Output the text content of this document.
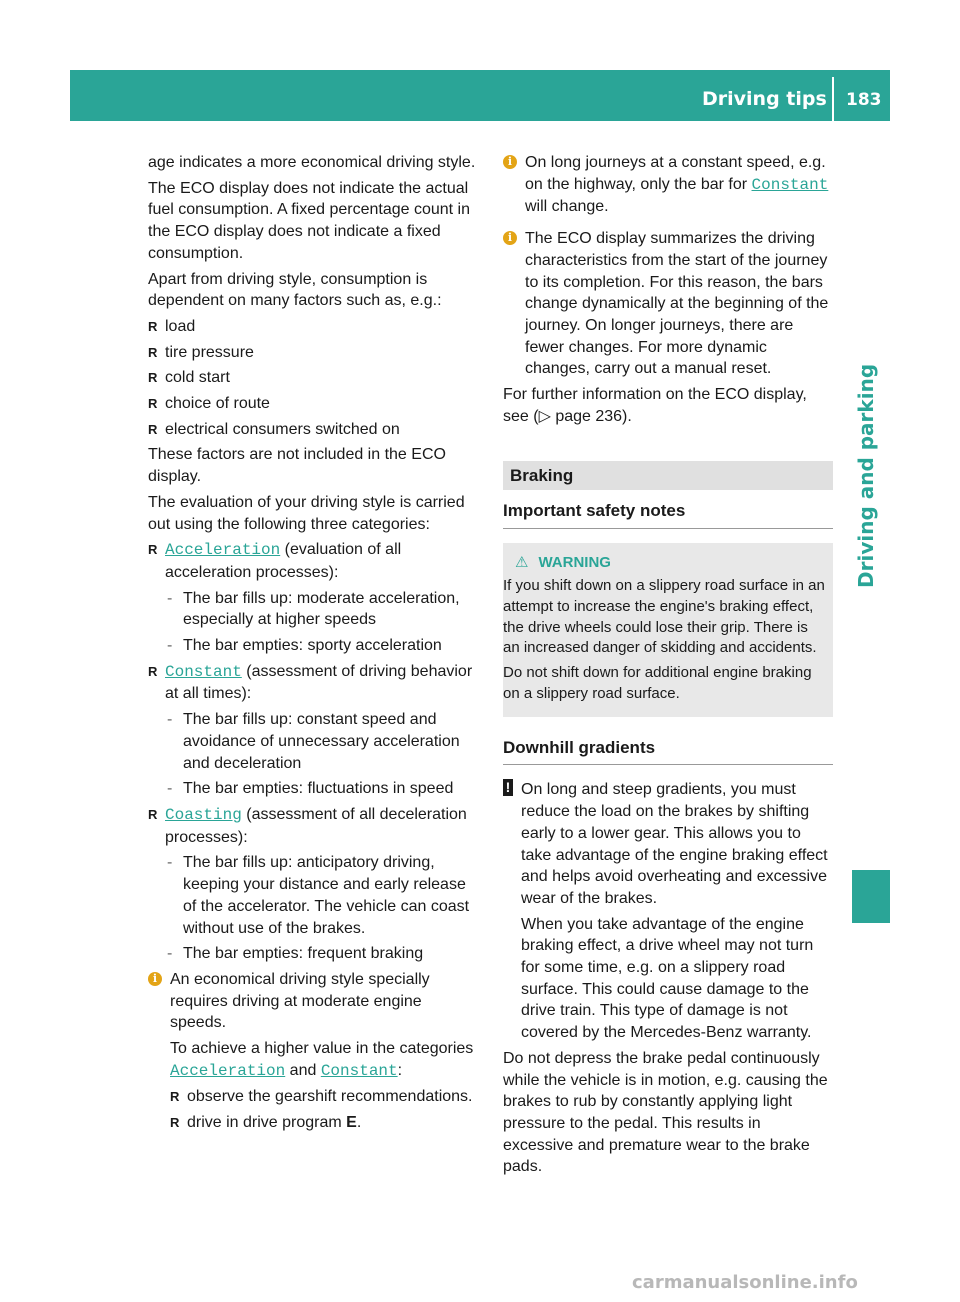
Driving tips 183
Driving and parking

age indicates a more economical driving style.

The ECO display does not indicate the actual fuel consumption. A fixed percentage count in the ECO display does not indicate a fixed consumption.

Apart from driving style, consumption is dependent on many factors such as, e.g.:

R load
R tire pressure
R cold start
R choice of route
R electrical consumers switched on

These factors are not included in the ECO display.

The evaluation of your driving style is carried out using the following three categories:

R Acceleration (evaluation of all acceleration processes):
- The bar fills up: moderate acceleration, especially at higher speeds
- The bar empties: sporty acceleration
R Constant (assessment of driving behavior at all times):
- The bar fills up: constant speed and avoidance of unnecessary acceleration and deceleration
- The bar empties: fluctuations in speed
R Coasting (assessment of all deceleration processes):
- The bar fills up: anticipatory driving, keeping your distance and early release of the accelerator. The vehicle can coast without use of the brakes.
- The bar empties: frequent braking
i An economical driving style specially requires driving at moderate engine speeds.

To achieve a higher value in the categories Acceleration and Constant:

R observe the gearshift recommendations.
R drive in drive program E.
i On long journeys at a constant speed, e.g. on the highway, only the bar for Constant will change.

i The ECO display summarizes the driving characteristics from the start of the journey to its completion. For this reason, the bars change dynamically at the beginning of the journey. On longer journeys, there are fewer changes. For more dynamic changes, carry out a manual reset.

For further information on the ECO display, see (▷ page 236).

Braking
Important safety notes
⚠ WARNING

If you shift down on a slippery road surface in an attempt to increase the engine's braking effect, the drive wheels could lose their grip. There is an increased danger of skidding and accidents.

Do not shift down for additional engine braking on a slippery road surface.

Downhill gradients
! On long and steep gradients, you must reduce the load on the brakes by shifting early to a lower gear. This allows you to take advantage of the engine braking effect and helps avoid overheating and excessive wear of the brakes.

When you take advantage of the engine braking effect, a drive wheel may not turn for some time, e.g. on a slippery road surface. This could cause damage to the drive train. This type of damage is not covered by the Mercedes-Benz warranty.

Do not depress the brake pedal continuously while the vehicle is in motion, e.g. causing the brakes to rub by constantly applying light pressure to the pedal. This results in excessive and premature wear to the brake pads.

carmanualsonline.info
